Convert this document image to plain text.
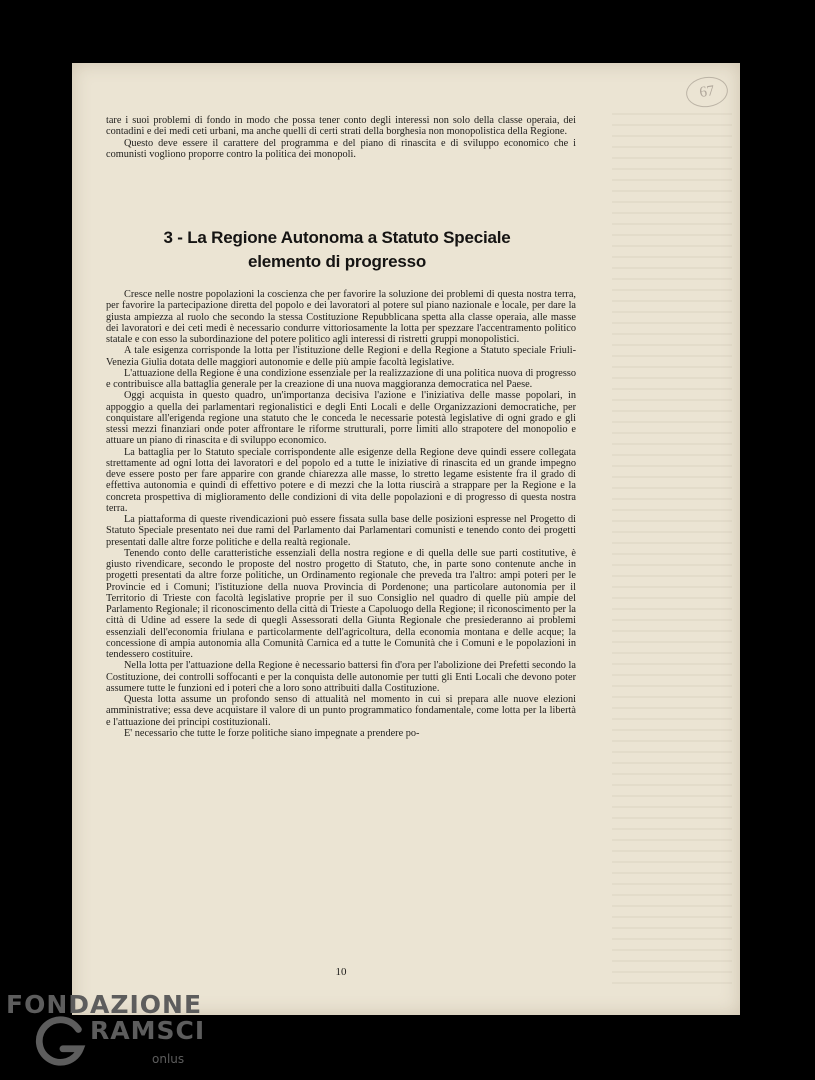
67

tare i suoi problemi di fondo in modo che possa tener conto degli interessi non solo della classe operaia, dei contadini e dei medi ceti urbani, ma anche quelli di certi strati della borghesia non monopolistica della Regione.

Questo deve essere il carattere del programma e del piano di rinascita e di sviluppo economico che i comunisti vogliono proporre contro la politica dei monopoli.

3 - La Regione Autonoma a Statuto Speciale
elemento di progresso

Cresce nelle nostre popolazioni la coscienza che per favorire la soluzione dei problemi di questa nostra terra, per favorire la partecipazione diretta del popolo e dei lavoratori al potere sul piano nazionale e locale, per dare la giusta ampiezza al ruolo che secondo la stessa Costituzione Repubblicana spetta alla classe operaia, alle masse dei lavoratori e dei ceti medi è necessario condurre vittoriosamente la lotta per spezzare l'accentramento politico statale e con esso la subordinazione del potere politico agli interessi di ristretti gruppi monopolistici.

A tale esigenza corrisponde la lotta per l'istituzione delle Regioni e della Regione a Statuto speciale Friuli-Venezia Giulia dotata delle maggiori autonomie e delle più ampie facoltà legislative.

L'attuazione della Regione è una condizione essenziale per la realizzazione di una politica nuova di progresso e contribuisce alla battaglia generale per la creazione di una nuova maggioranza democratica nel Paese.

Oggi acquista in questo quadro, un'importanza decisiva l'azione e l'iniziativa delle masse popolari, in appoggio a quella dei parlamentari regionalistici e degli Enti Locali e delle Organizzazioni democratiche, per conquistare all'erigenda regione una statuto che le conceda le necessarie potestà legislative di ogni grado e gli stessi mezzi finanziari onde poter affrontare le riforme strutturali, porre limiti allo strapotere del monopolio e attuare un piano di rinascita e di sviluppo economico.

La battaglia per lo Statuto speciale corrispondente alle esigenze della Regione deve quindi essere collegata strettamente ad ogni lotta dei lavoratori e del popolo ed a tutte le iniziative di rinascita ed un grande impegno deve essere posto per fare apparire con grande chiarezza alle masse, lo stretto legame esistente fra il grado di effettiva autonomia e quindi di effettivo potere e di mezzi che la lotta riuscirà a strappare per la Regione e la concreta prospettiva di miglioramento delle condizioni di vita delle popolazioni e di progresso di questa nostra terra.

La piattaforma di queste rivendicazioni può essere fissata sulla base delle posizioni espresse nel Progetto di Statuto Speciale presentato nei due rami del Parlamento dai Parlamentari comunisti e tenendo conto dei progetti presentati dalle altre forze politiche e della realtà regionale.

Tenendo conto delle caratteristiche essenziali della nostra regione e di quella delle sue parti costitutive, è giusto rivendicare, secondo le proposte del nostro progetto di Statuto, che, in parte sono contenute anche in progetti presentati da altre forze politiche, un Ordinamento regionale che preveda tra l'altro: ampi poteri per le Provincie ed i Comuni; l'istituzione della nuova Provincia di Pordenone; una particolare autonomia per il Territorio di Trieste con facoltà legislative proprie per il suo Consiglio nel quadro di quelle più ampie del Parlamento Regionale; il riconoscimento della città di Trieste a Capoluogo della Regione; il riconoscimento per la città di Udine ad essere la sede di quegli Assessorati della Giunta Regionale che presiederanno ai problemi essenziali dell'economia friulana e particolarmente dell'agricoltura, della economia montana e delle acque; la concessione di ampia autonomia alla Comunità Carnica ed a tutte le Comunità che i Comuni e le popolazioni in tendessero costituire.

Nella lotta per l'attuazione della Regione è necessario battersi fin d'ora per l'abolizione dei Prefetti secondo la Costituzione, dei controlli soffocanti e per la conquista delle autonomie per tutti gli Enti Locali che devono poter assumere tutte le funzioni ed i poteri che a loro sono attribuiti dalla Costituzione.

Questa lotta assume un profondo senso di attualità nel momento in cui si prepara alle nuove elezioni amministrative; essa deve acquistare il valore di un punto programmatico fondamentale, come lotta per la libertà e l'attuazione dei principi costituzionali.

E' necessario che tutte le forze politiche siano impegnate a prendere po-

10
FONDAZIONE
RAMSCI
onlus
